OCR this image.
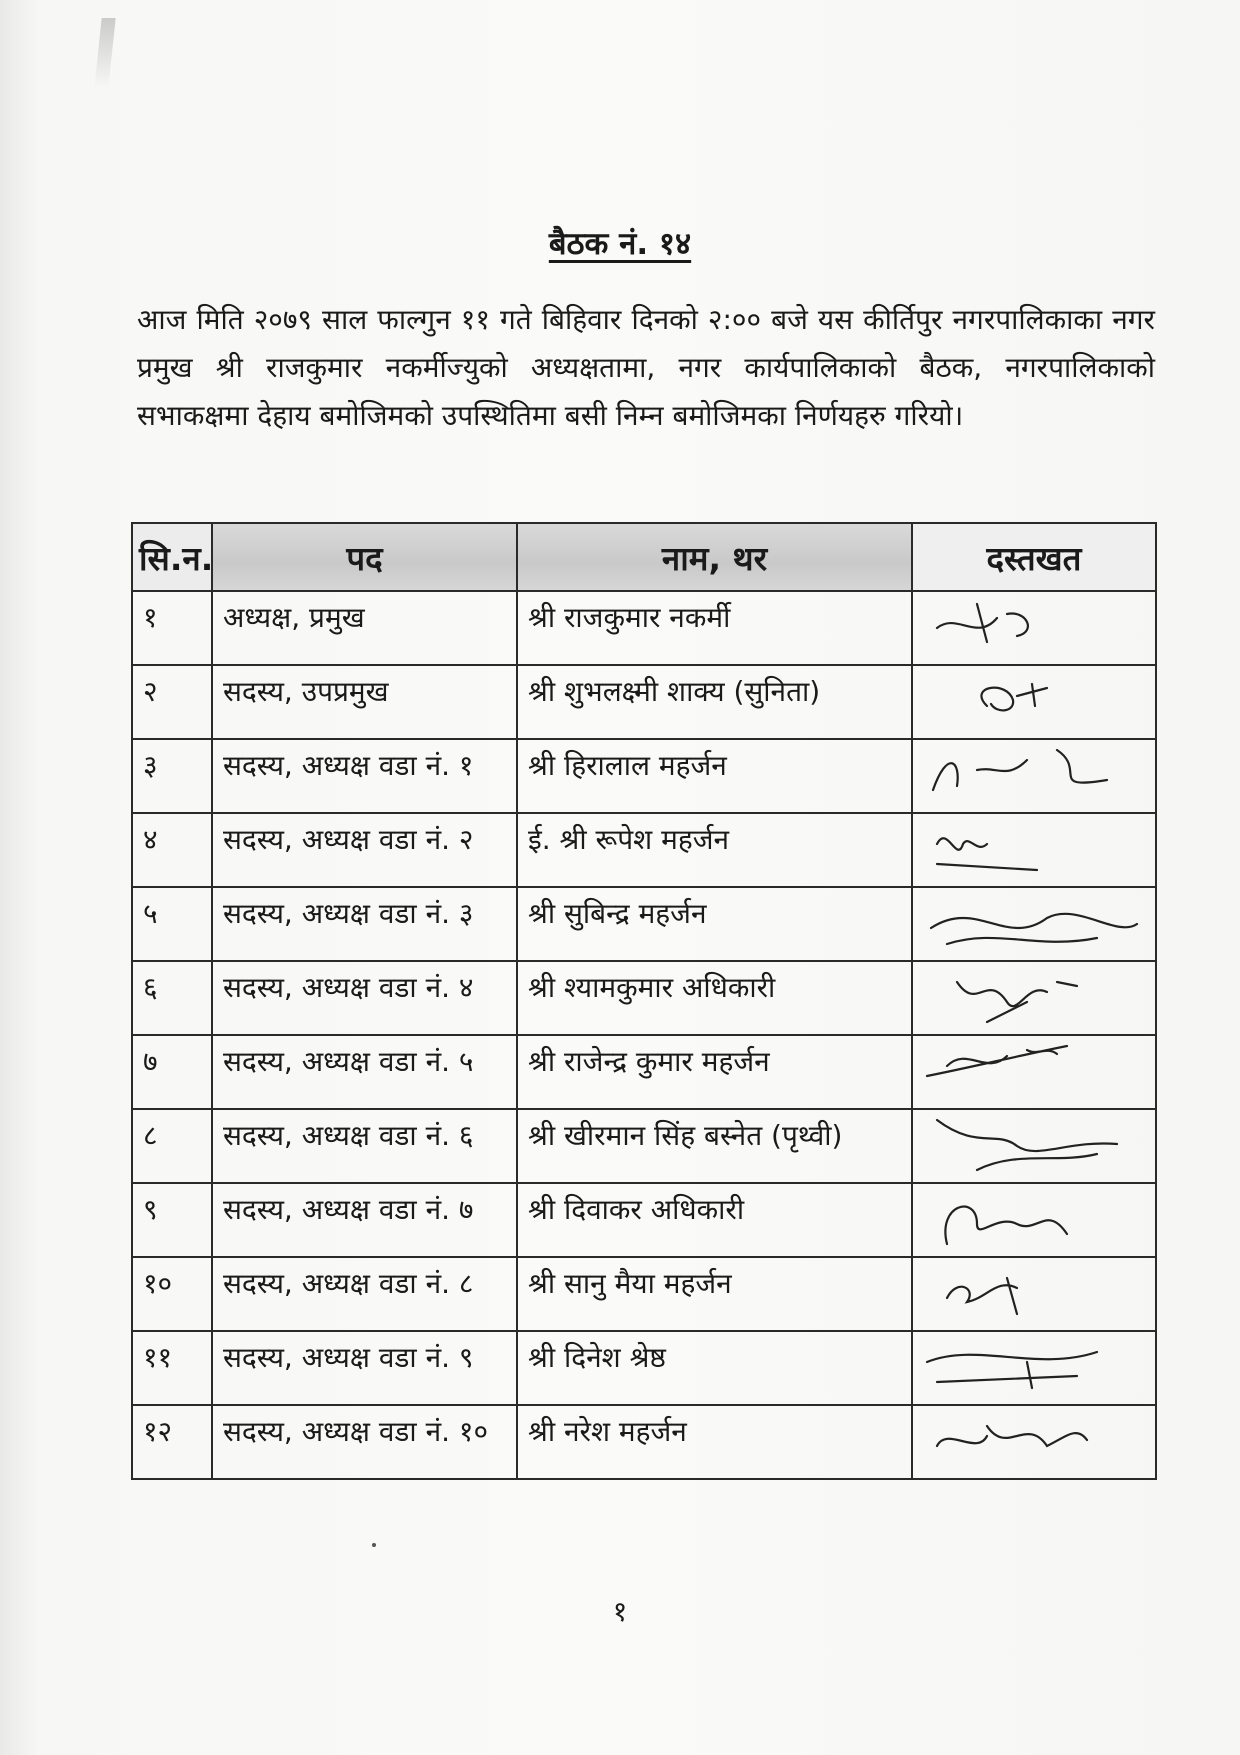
बैठक नं. १४
आज मिति २०७९ साल फाल्गुन ११ गते बिहिवार दिनको २:०० बजे यस कीर्तिपुर नगरपालिकाका नगर प्रमुख श्री राजकुमार नकर्मीज्युको अध्यक्षतामा, नगर कार्यपालिकाको बैठक, नगरपालिकाको सभाकक्षमा देहाय बमोजिमको उपस्थितिमा बसी निम्न बमोजिमका निर्णयहरु गरियो।
सि.न.	पद	नाम, थर	दस्तखत
१	अध्यक्ष, प्रमुख	श्री राजकुमार नकर्मी	

२	सदस्य, उपप्रमुख	श्री शुभलक्ष्मी शाक्य (सुनिता)	

३	सदस्य, अध्यक्ष वडा नं. १	श्री हिरालाल महर्जन	

४	सदस्य, अध्यक्ष वडा नं. २	ई. श्री रूपेश महर्जन	

५	सदस्य, अध्यक्ष वडा नं. ३	श्री सुबिन्द्र महर्जन	

६	सदस्य, अध्यक्ष वडा नं. ४	श्री श्यामकुमार अधिकारी	

७	सदस्य, अध्यक्ष वडा नं. ५	श्री राजेन्द्र कुमार महर्जन	

८	सदस्य, अध्यक्ष वडा नं. ६	श्री खीरमान सिंह बस्नेत (पृथ्वी)	

९	सदस्य, अध्यक्ष वडा नं. ७	श्री दिवाकर अधिकारी	

१०	सदस्य, अध्यक्ष वडा नं. ८	श्री सानु मैया महर्जन	

११	सदस्य, अध्यक्ष वडा नं. ९	श्री दिनेश श्रेष्ठ	

१२	सदस्य, अध्यक्ष वडा नं. १०	श्री नरेश महर्जन	
१
